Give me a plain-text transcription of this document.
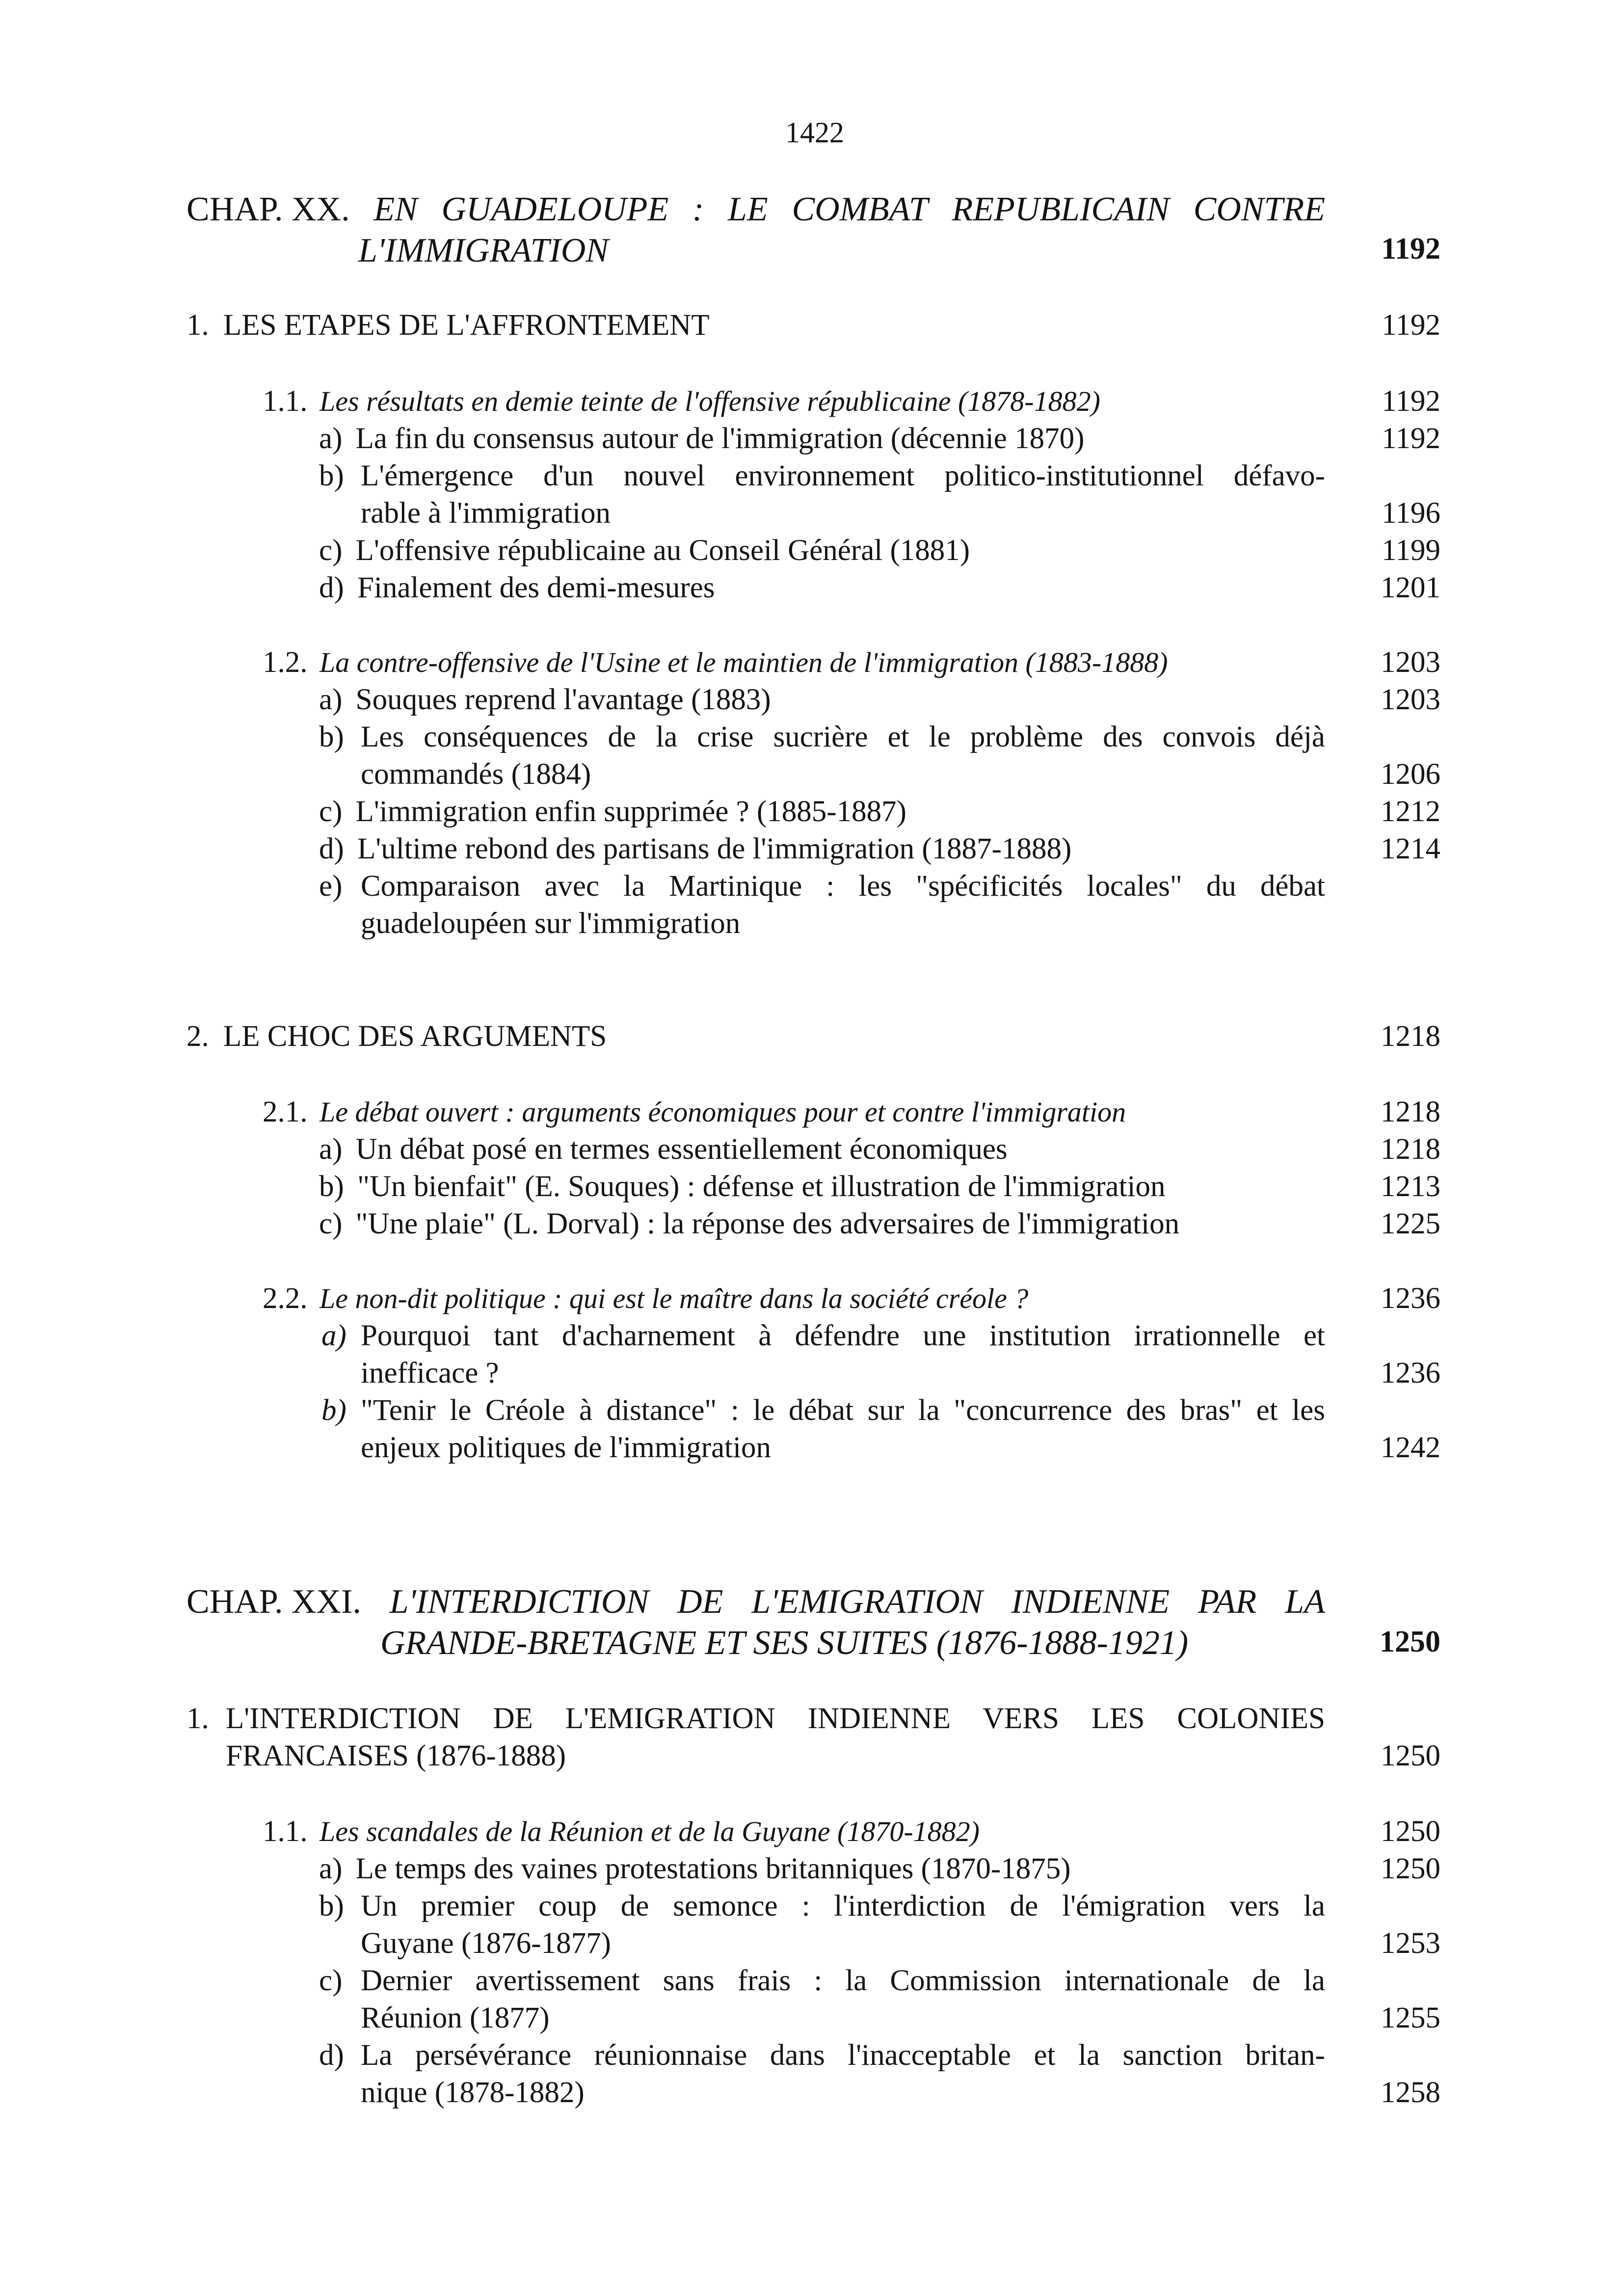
1422
CHAP. XX. EN GUADELOUPE : LE COMBAT REPUBLICAIN CONTRE
L'IMMIGRATION	1192
1. LES ETAPES DE L'AFFRONTEMENT	1192
1.1. Les résultats en demie teinte de l'offensive républicaine (1878-1882)	1192
a) La fin du consensus autour de l'immigration (décennie 1870)	1192
b) L'émergence d'un nouvel environnement politico-institutionnel défavo-
rable à l'immigration	1196
c) L'offensive républicaine au Conseil Général (1881)	1199
d) Finalement des demi-mesures	1201
1.2. La contre-offensive de l'Usine et le maintien de l'immigration (1883-1888)	1203
a) Souques reprend l'avantage (1883)	1203
b) Les conséquences de la crise sucrière et le problème des convois déjà
commandés (1884)	1206
c) L'immigration enfin supprimée ? (1885-1887)	1212
d) L'ultime rebond des partisans de l'immigration (1887-1888)	1214
e) Comparaison avec la Martinique : les "spécificités locales" du débat
guadeloupéen sur l'immigration
2. LE CHOC DES ARGUMENTS	1218
2.1. Le débat ouvert : arguments économiques pour et contre l'immigration	1218
a) Un débat posé en termes essentiellement économiques	1218
b) "Un bienfait" (E. Souques) : défense et illustration de l'immigration	1213
c) "Une plaie" (L. Dorval) : la réponse des adversaires de l'immigration	1225
2.2. Le non-dit politique : qui est le maître dans la société créole ?	1236
a) Pourquoi tant d'acharnement à défendre une institution irrationnelle et
inefficace ?	1236
b) "Tenir le Créole à distance" : le débat sur la "concurrence des bras" et les
enjeux politiques de l'immigration	1242
CHAP. XXI. L'INTERDICTION DE L'EMIGRATION INDIENNE PAR LA
GRANDE-BRETAGNE ET SES SUITES (1876-1888-1921)	1250
1. L'INTERDICTION DE L'EMIGRATION INDIENNE VERS LES COLONIES
FRANCAISES (1876-1888)	1250
1.1. Les scandales de la Réunion et de la Guyane (1870-1882)	1250
a) Le temps des vaines protestations britanniques (1870-1875)	1250
b) Un premier coup de semonce : l'interdiction de l'émigration vers la
Guyane (1876-1877)	1253
c) Dernier avertissement sans frais : la Commission internationale de la
Réunion (1877)	1255
d) La persévérance réunionnaise dans l'inacceptable et la sanction britan-
nique (1878-1882)	1258
